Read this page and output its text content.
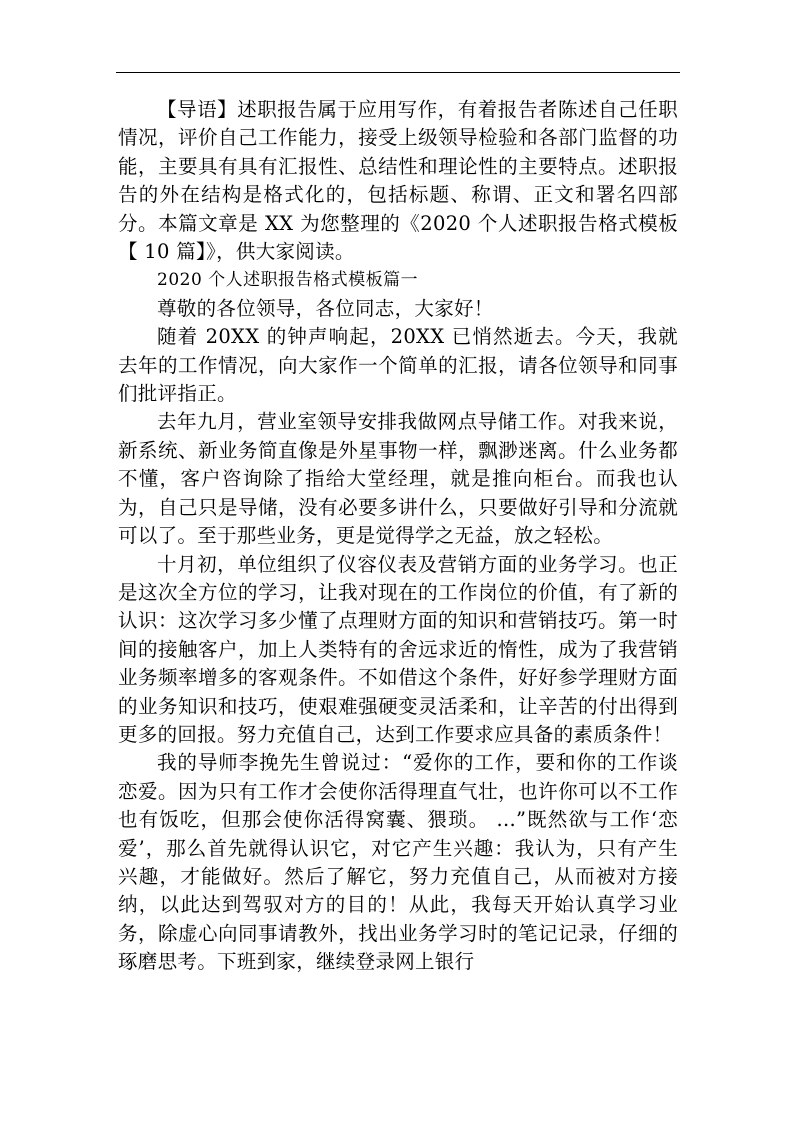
【导语】述职报告属于应用写作，有着报告者陈述自己任职情况，评价自己工作能力，接受上级领导检验和各部门监督的功能，主要具有具有汇报性、总结性和理论性的主要特点。述职报告的外在结构是格式化的，包括标题、称谓、正文和署名四部分。本篇文章是 XX 为您整理的《2020 个人述职报告格式模板【 10 篇】》，供大家阅读。

2020 个人述职报告格式模板篇一

尊敬的各位领导，各位同志，大家好！

随着 20XX 的钟声响起，20XX 已悄然逝去。今天，我就去年的工作情况，向大家作一个简单的汇报，请各位领导和同事们批评指正。

去年九月，营业室领导安排我做网点导储工作。对我来说，新系统、新业务简直像是外星事物一样，飘渺迷离。什么业务都不懂，客户咨询除了指给大堂经理，就是推向柜台。而我也认为，自己只是导储，没有必要多讲什么，只要做好引导和分流就可以了。至于那些业务，更是觉得学之无益，放之轻松。

十月初，单位组织了仪容仪表及营销方面的业务学习。也正是这次全方位的学习，让我对现在的工作岗位的价值，有了新的认识：这次学习多少懂了点理财方面的知识和营销技巧。第一时间的接触客户，加上人类特有的舍远求近的惰性，成为了我营销业务频率增多的客观条件。不如借这个条件，好好参学理财方面的业务知识和技巧，使艰难强硬变灵活柔和，让辛苦的付出得到更多的回报。努力充值自己，达到工作要求应具备的素质条件！

我的导师李挽先生曾说过：“爱你的工作，要和你的工作谈恋爱。因为只有工作才会使你活得理直气壮，也许你可以不工作也有饭吃，但那会使你活得窝囊、猥琐。 ...”既然欲与工作‘恋爱’，那么首先就得认识它，对它产生兴趣：我认为，只有产生兴趣，才能做好。然后了解它，努力充值自己，从而被对方接纳，以此达到驾驭对方的目的！从此，我每天开始认真学习业务，除虚心向同事请教外，找出业务学习时的笔记记录，仔细的琢磨思考。下班到家，继续登录网上银行
